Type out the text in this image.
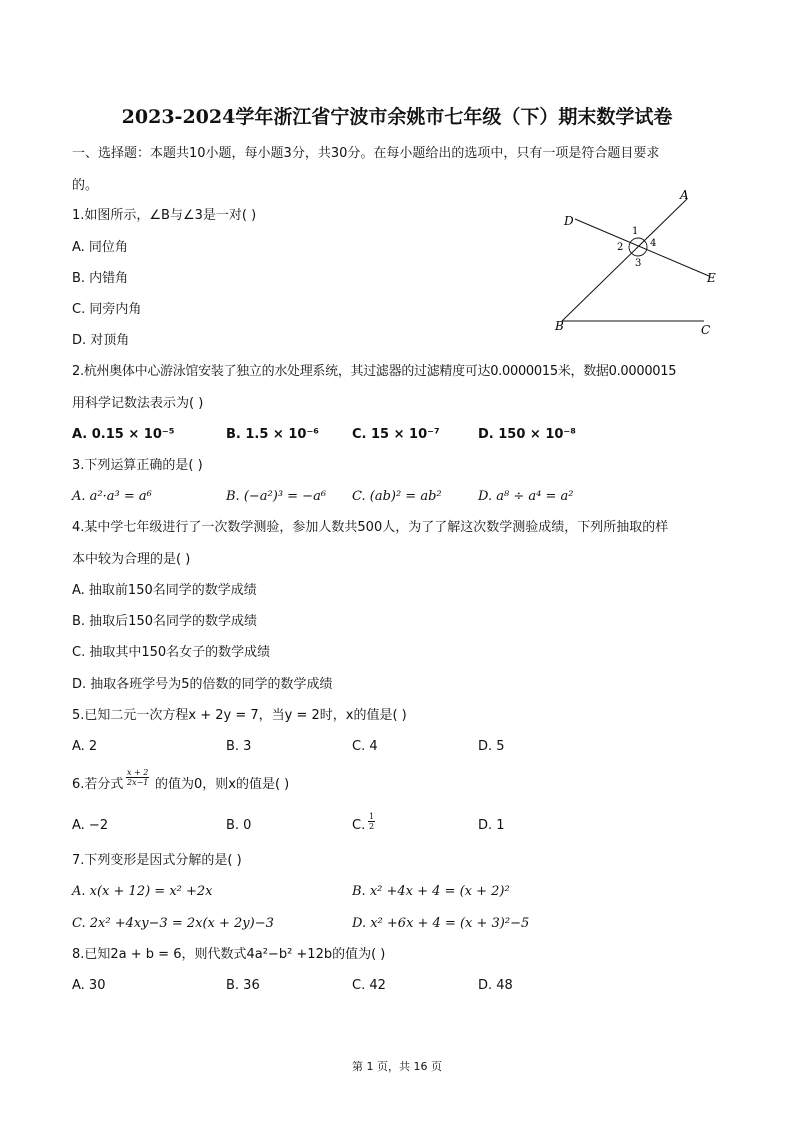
2023-2024学年浙江省宁波市余姚市七年级（下）期末数学试卷
一、选择题：本题共10小题，每小题3分，共30分。在每小题给出的选项中，只有一项是符合题目要求
的。
A
D
E
B	C
1
2
3
4
1.如图所示，∠B与∠3是一对( )
A. 同位角
B. 内错角
C. 同旁内角
D. 对顶角
2.杭州奥体中心游泳馆安装了独立的水处理系统，其过滤器的过滤精度可达0.0000015米，数据0.0000015
用科学记数法表示为( )
A. 0.15 × 10⁻⁵	B. 1.5 × 10⁻⁶	C. 15 × 10⁻⁷	D. 150 × 10⁻⁸
3.下列运算正确的是( )
A. a²·a³ = a⁶	B. (−a²)³ = −a⁶ C. (ab)² = ab²	D. a⁸ ÷ a⁴ = a²
4.某中学七年级进行了一次数学测验，参加人数共500人，为了了解这次数学测验成绩，下列所抽取的样
本中较为合理的是( )
A. 抽取前150名同学的数学成绩
B. 抽取后150名同学的数学成绩
C. 抽取其中150名女子的数学成绩
D. 抽取各班学号为5的倍数的同学的数学成绩
5.已知二元一次方程x + 2y = 7，当y = 2时，x的值是( )
A. 2	B. 3	C. 4	D. 5
6.若分式 $\frac{x + 2}{2x-1}$ 的值为0，则x的值是( )
A. −2	B. 0	C. $\frac{1}{2}$	D. 1
7.下列变形是因式分解的是( )
A. x(x + 12) = x² +2x	B. x² +4x + 4 = (x + 2)²
C. 2x² +4xy−3 = 2x(x + 2y)−3	D. x² +6x + 4 = (x + 3)²−5
8.已知2a + b = 6，则代数式4a²−b² +12b的值为( )
A. 30	B. 36	C. 42	D. 48
第 1 页，共 16 页
